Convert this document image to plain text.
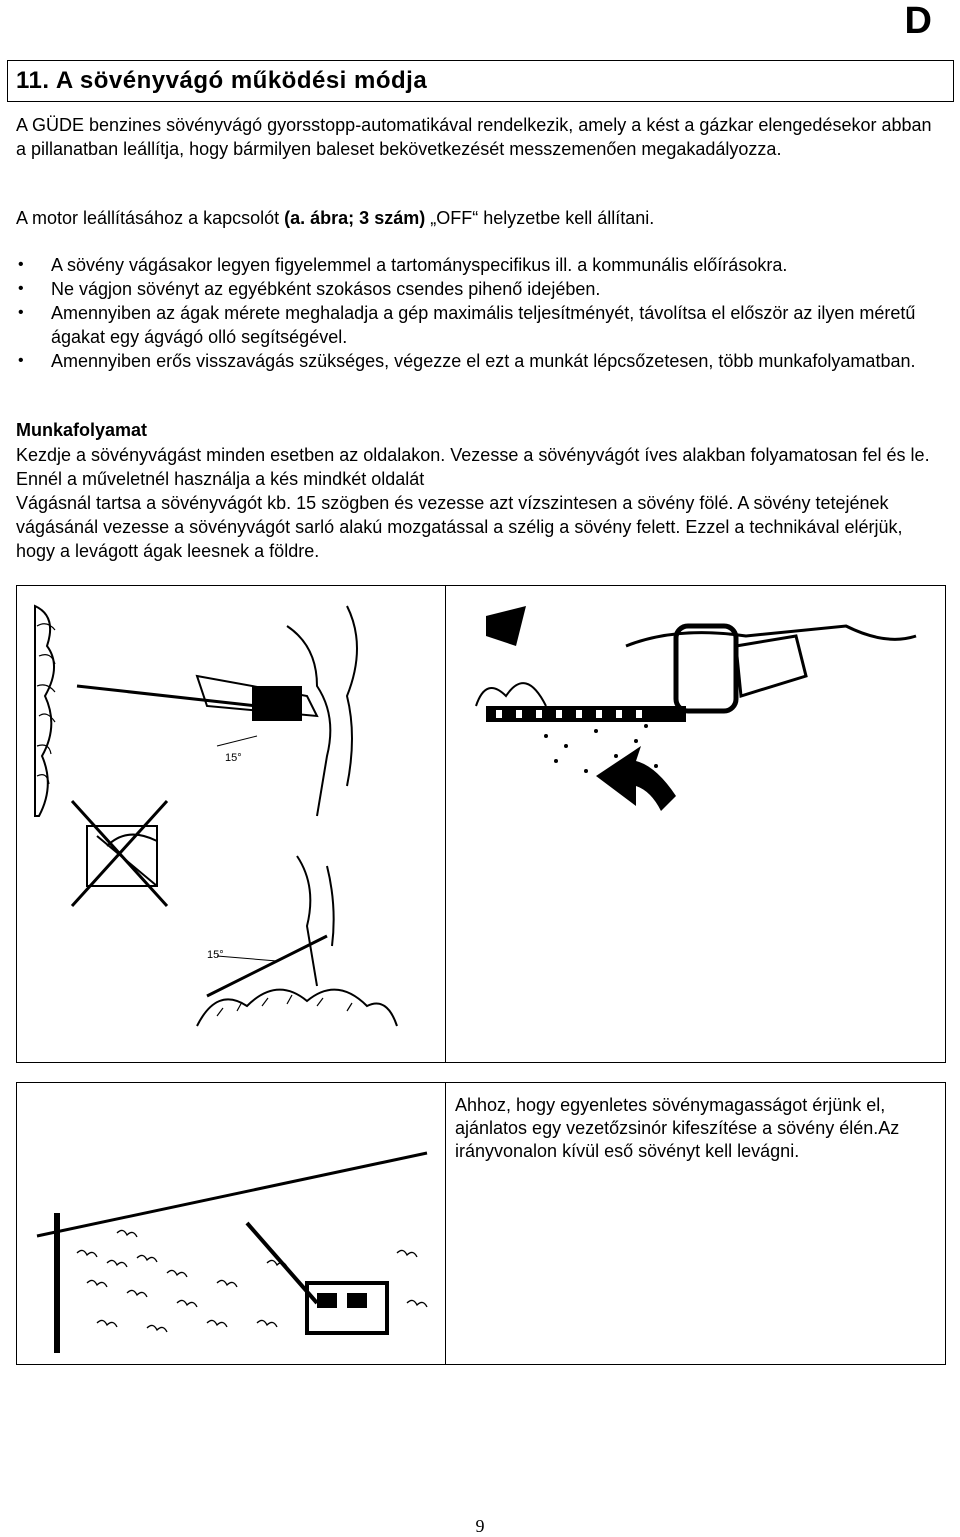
D
11. A sövényvágó működési módja

A GÜDE benzines sövényvágó gyorsstopp-automatikával rendelkezik, amely a kést a gázkar elengedésekor abban a pillanatban leállítja, hogy bármilyen baleset bekövetkezését messzemenően megakadályozza.

A motor leállításához a kapcsolót (a. ábra; 3 szám) „OFF“ helyzetbe kell állítani.

• A sövény vágásakor legyen figyelemmel a tartományspecifikus ill. a kommunális előírásokra.
• Ne vágjon sövényt az egyébként szokásos csendes pihenő idejében.
• Amennyiben az ágak mérete meghaladja a gép maximális teljesítményét, távolítsa el először az ilyen méretű ágakat egy ágvágó olló segítségével.
• Amennyiben erős visszavágás szükséges, végezze el ezt a munkát lépcsőzetesen, több munkafolyamatban.
Munkafolyamat

Kezdje a sövényvágást minden esetben az oldalakon. Vezesse a sövényvágót íves alakban folyamatosan fel és le. Ennél a műveletnél használja a kés mindkét oldalát
Vágásnál tartsa a sövényvágót kb. 15 szögben és vezesse azt vízszintesen a sövény fölé. A sövény tetejének vágásánál vezesse a sövényvágót sarló alakú mozgatással a szélig a sövény felett. Ezzel a technikával elérjük, hogy a levágott ágak leesnek a földre.

15°
15°

Ahhoz, hogy egyenletes sövénymagasságot érjünk el, ajánlatos egy vezetőzsinór kifeszítése a sövény élén.Az irányvonalon kívül eső sövényt kell levágni.

9
